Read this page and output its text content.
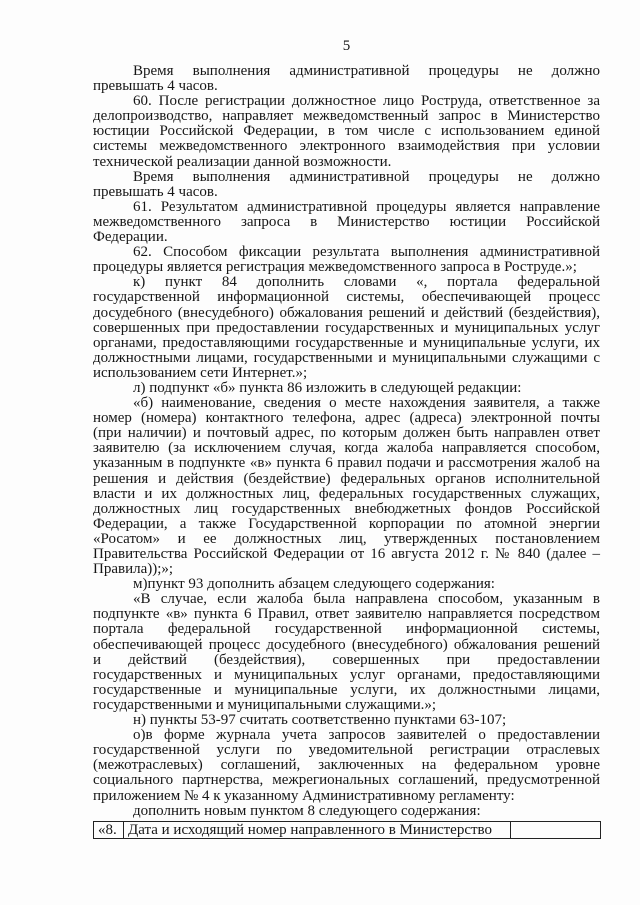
5
Время выполнения административной процедуры не должно
превышать 4 часов.
60. После регистрации должностное лицо Роструда, ответственное за
делопроизводство, направляет межведомственный запрос в Министерство
юстиции Российской Федерации, в том числе с использованием единой
системы межведомственного электронного взаимодействия при условии
технической реализации данной возможности.
Время выполнения административной процедуры не должно
превышать 4 часов.
61. Результатом административной процедуры является направление
межведомственного запроса в Министерство юстиции Российской
Федерации.
62. Способом фиксации результата выполнения административной
процедуры является регистрация межведомственного запроса в Роструде.»;
к) пункт 84 дополнить словами «, портала федеральной
государственной информационной системы, обеспечивающей процесс
досудебного (внесудебного) обжалования решений и действий (бездействия),
совершенных при предоставлении государственных и муниципальных услуг
органами, предоставляющими государственные и муниципальные услуги, их
должностными лицами, государственными и муниципальными служащими с
использованием сети Интернет.»;
л) подпункт «б» пункта 86 изложить в следующей редакции:
«б) наименование, сведения о месте нахождения заявителя, а также
номер (номера) контактного телефона, адрес (адреса) электронной почты
(при наличии) и почтовый адрес, по которым должен быть направлен ответ
заявителю (за исключением случая, когда жалоба направляется способом,
указанным в подпункте «в» пункта 6 правил подачи и рассмотрения жалоб на
решения и действия (бездействие) федеральных органов исполнительной
власти и их должностных лиц, федеральных государственных служащих,
должностных лиц государственных внебюджетных фондов Российской
Федерации, а также Государственной корпорации по атомной энергии
«Росатом» и ее должностных лиц, утвержденных постановлением
Правительства Российской Федерации от 16 августа 2012 г. № 840 (далее –
Правила));»;
м)пункт 93 дополнить абзацем следующего содержания:
«В случае, если жалоба была направлена способом, указанным в
подпункте «в» пункта 6 Правил, ответ заявителю направляется посредством
портала федеральной государственной информационной системы,
обеспечивающей процесс досудебного (внесудебного) обжалования решений
и действий (бездействия), совершенных при предоставлении
государственных и муниципальных услуг органами, предоставляющими
государственные и муниципальные услуги, их должностными лицами,
государственными и муниципальными служащими.»;
н) пункты 53-97 считать соответственно пунктами 63-107;
о)в форме журнала учета запросов заявителей о предоставлении
государственной услуги по уведомительной регистрации отраслевых
(межотраслевых) соглашений, заключенных на федеральном уровне
социального партнерства, межрегиональных соглашений, предусмотренной
приложением № 4 к указанному Административному регламенту:
дополнить новым пунктом 8 следующего содержания:
«8.	Дата и исходящий номер направленного в Министерство	
